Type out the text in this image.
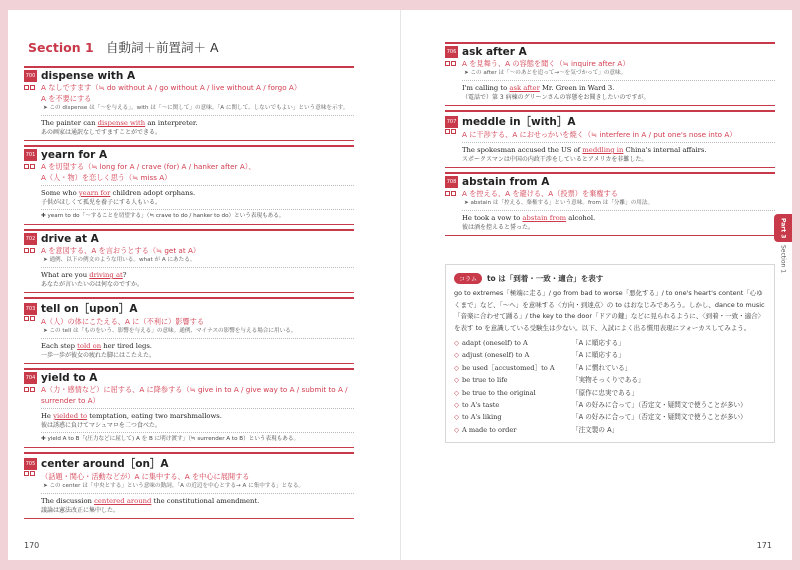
Section 1 自動詞＋前置詞＋ A
700 dispense with A
A なしですます（≒ do without A / go without A / live without A / forgo A）
A を不要にする
➤ この dispense は「～を与える」。with は「～に関して」の意味。「A に関して、しないでもよい」という意味を示す。
The painter can dispense with an interpreter.
あの画家は通訳なしですますことができる。
701 yearn for A
A を切望する（≒ long for A / crave (for) A / hanker after A）、
A（人・物）を恋しく思う（≒ miss A）
Some who yearn for children adopt orphans.
子供がほしくて孤児を養子にする人もいる。
✚ yearn to do「～することを切望する」（≒ crave to do / hanker to do）という表現もある。
702 drive at A
A を意図する、A を言おうとする（≒ get at A）
➤ 通例、以下の例文のような用いる。what が A にあたる。
What are you driving at?
あなたが言いたいのは何なのですか。
703 tell on［upon］A
A（人）の体にこたえる、A に（不利に）影響する
➤ この tell は「ものをいう、影響を与える」の意味。通例、マイナスの影響を与える場合に用いる。
Each step told on her tired legs.
一歩一歩が彼女の疲れた脚にはこたえた。
704 yield to A
A（力・感情など）に屈する、A に降参する（≒ give in to A / give way to A / submit to A / surrender to A）
He yielded to temptation, eating two marshmallows.
彼は誘惑に負けてマシュマロを二つ食べた。
✚ yield A to B「(圧力などに屈して) A を B に明け渡す」（≒ surrender A to B）という表現もある。
705 center around［on］A
（話題・関心・活動などが）A に集中する、A を中心に展開する
➤ この center は「中央とする」という意味の動詞。「A の近辺を中心とする→ A に集中する」となる。
The discussion centered around the constitutional amendment.
議論は憲法改正に集中した。
170
706 ask after A
A を見舞う、A の容態を聞く（≒ inquire after A）
➤ この after は「～のあとを追って→～を気づかって」の意味。
I'm calling to ask after Mr. Green in Ward 3.
（電話で）第 3 病棟のグリーンさんの容態をお聞きしたいのですが。
707 meddle in［with］A
A に干渉する、A におせっかいを焼く（≒ interfere in A / put one's nose into A）
The spokesman accused the US of meddling in China's internal affairs.
スポークスマンは中国の内政干渉をしているとアメリカを非難した。
708 abstain from A
A を控える、A を避ける、A（投票）を棄権する
➤ abstain は「控える、棄権する」という意味。from は「分離」の用法。
He took a vow to abstain from alcohol.
彼は酒を控えると誓った。
コラム	to は「到着・一致・適合」を表す
go to extremes「極端に走る」/ go from bad to worse「悪化する」/ to one's heart's content「心ゆくまで」など、「～へ」を意味する〈方向・到達点〉の to はおなじみであろう。しかし、dance to music「音楽に合わせて踊る」/ the key to the door「ドアの鍵」などに見られるように、〈到着・一致・適合〉を表す to を意識している受験生は少ない。以下、入試によく出る慣用表現にフォーカスしてみよう。
◇ adapt (oneself) to A	「A に順応する」
◇ adjust (oneself) to A	「A に順応する」
◇ be used［accustomed］to A	「A に慣れている」
◇ be true to life	「実物そっくりである」
◇ be true to the original	「原作に忠実である」
◇ to A's taste	「A の好みに合って」（否定文・疑問文で使うことが多い）
◇ to A's liking	「A の好みに合って」（否定文・疑問文で使うことが多い）
◇ A made to order	「注文製の A」
Part 3
Section 1
171
